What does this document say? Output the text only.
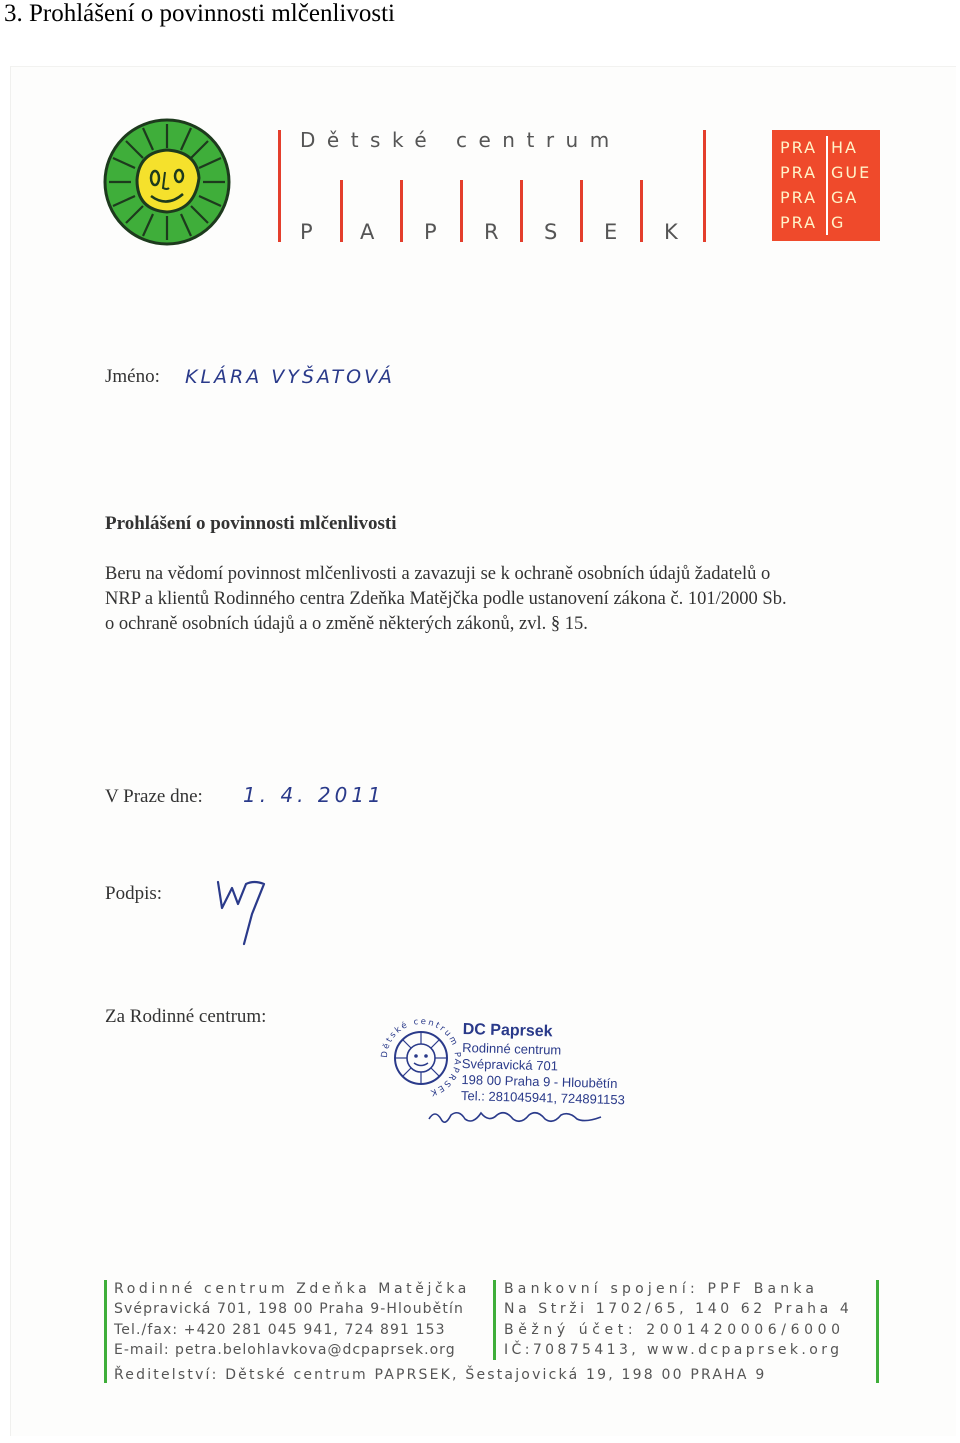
3. Prohlášení o povinnosti mlčenlivosti
Dětské centrum
P A P R S E K
PRA HA
PRA GUE
PRA GA
PRA G
Jméno: KLÁRA VYŠATOVÁ
Prohlášení o povinnosti mlčenlivosti
Beru na vědomí povinnost mlčenlivosti a zavazuji se k ochraně osobních údajů žadatelů o
NRP a klientů Rodinného centra Zdeňka Matějčka podle ustanovení zákona č. 101/2000 Sb.
o ochraně osobních údajů a o změně některých zákonů, zvl. § 15.
V Praze dne: 1. 4. 2011
Podpis:
Za Rodinné centrum:
Dětské centrum PAPRSEK
DC Paprsek
Rodinné centrum
Svépravická 701
198 00 Praha 9 - Hloubětín
Tel.: 281045941, 724891153
Rodinné centrum Zdeňka Matějčka
Svépravická 701, 198 00 Praha 9-Hloubětín
Tel./fax: +420 281 045 941, 724 891 153
E-mail: petra.belohlavkova@dcpaprsek.org
Bankovní spojení: PPF Banka
Na Strži 1702/65, 140 62 Praha 4
Běžný účet: 2001420006/6000
IČ:70875413, www.dcpaprsek.org
Ředitelství: Dětské centrum PAPRSEK, Šestajovická 19, 198 00 PRAHA 9
